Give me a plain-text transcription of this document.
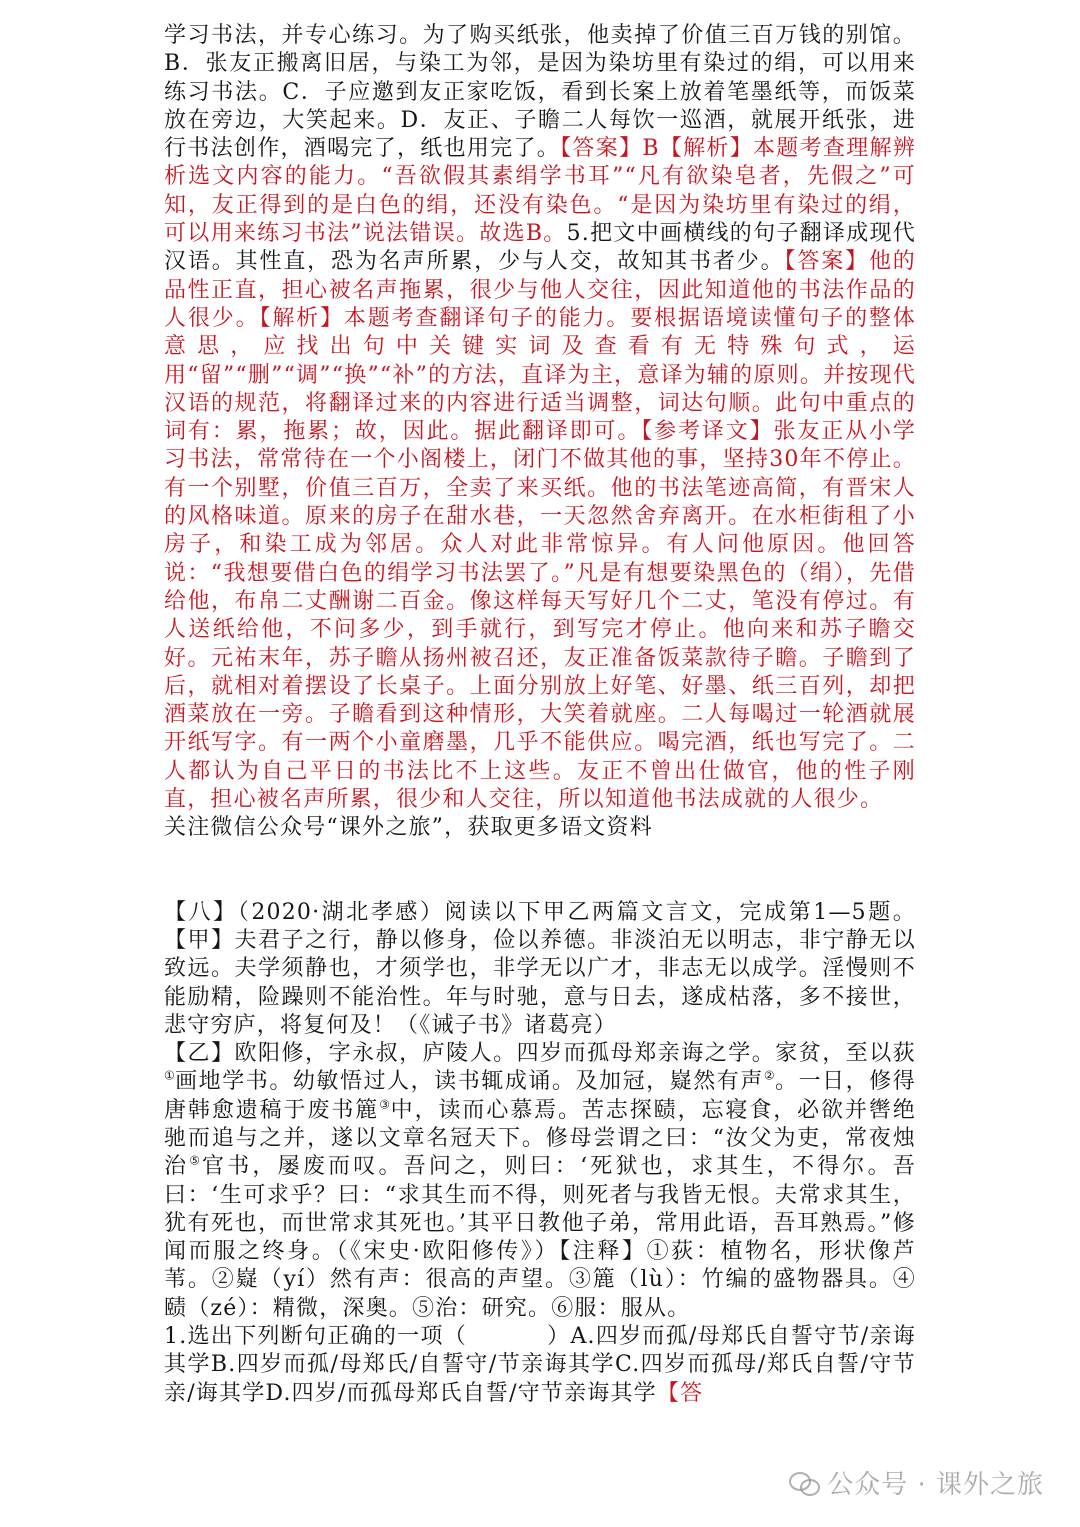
学习书法，并专心练习。为了购买纸张，他卖掉了价值三百万钱的别馆。B．张友正搬离旧居，与染工为邻，是因为染坊里有染过的绢，可以用来练习书法。C．子应邀到友正家吃饭，看到长案上放着笔墨纸等，而饭菜放在旁边，大笑起来。D．友正、子瞻二人每饮一巡酒，就展开纸张，进行书法创作，酒喝完了，纸也用完了。【答案】B【解析】本题考查理解辨析选文内容的能力。“吾欲假其素绢学书耳”“凡有欲染皂者，先假之”可知，友正得到的是白色的绢，还没有染色。“是因为染坊里有染过的绢，可以用来练习书法”说法错误。故选B。5.把文中画横线的句子翻译成现代汉语。其性直，恐为名声所累，少与人交，故知其书者少。【答案】他的品性正直，担心被名声拖累，很少与他人交往，因此知道他的书法作品的人很少。【解析】本题考查翻译句子的能力。要根据语境读懂句子的整体意思，应找出句中关键实词及查看有无特殊句式，运用“留”“删”“调”“换”“补”的方法，直译为主，意译为辅的原则。并按现代汉语的规范，将翻译过来的内容进行适当调整，词达句顺。此句中重点的词有：累，拖累；故，因此。据此翻译即可。【参考译文】张友正从小学习书法，常常待在一个小阁楼上，闭门不做其他的事，坚持30年不停止。有一个别墅，价值三百万，全卖了来买纸。他的书法笔迹高简，有晋宋人的风格味道。原来的房子在甜水巷，一天忽然舍弃离开。在水柜街租了小房子，和染工成为邻居。众人对此非常惊异。有人问他原因。他回答说：“我想要借白色的绢学习书法罢了。”凡是有想要染黑色的（绢），先借给他，布帛二丈酬谢二百金。像这样每天写好几个二丈，笔没有停过。有人送纸给他，不问多少，到手就行，到写完才停止。他向来和苏子瞻交好。元祐末年，苏子瞻从扬州被召还，友正准备饭菜款待子瞻。子瞻到了后，就相对着摆设了长桌子。上面分别放上好笔、好墨、纸三百列，却把酒菜放在一旁。子瞻看到这种情形，大笑着就座。二人每喝过一轮酒就展开纸写字。有一两个小童磨墨，几乎不能供应。喝完酒，纸也写完了。二人都认为自己平日的书法比不上这些。友正不曾出仕做官，他的性子刚直，担心被名声所累，很少和人交往，所以知道他书法成就的人很少。

关注微信公众号“课外之旅”，获取更多语文资料

【八】（2020·湖北孝感）阅读以下甲乙两篇文言文，完成第1—5题。【甲】夫君子之行，静以修身，俭以养德。非淡泊无以明志，非宁静无以致远。夫学须静也，才须学也，非学无以广才，非志无以成学。淫慢则不能励精，险躁则不能治性。年与时驰，意与日去，遂成枯落，多不接世，悲守穷庐，将复何及！（《诫子书》诸葛亮）

【乙】欧阳修，字永叔，庐陵人。四岁而孤母郑亲诲之学。家贫，至以荻①画地学书。幼敏悟过人，读书辄成诵。及加冠，嶷然有声②。一日，修得唐韩愈遗稿于废书簏③中，读而心慕焉。苦志探赜，忘寝食，必欲并辔绝驰而追与之并，遂以文章名冠天下。修母尝谓之曰：“汝父为吏，常夜烛治⑤官书，屡废而叹。吾问之，则曰：‘死狱也，求其生，不得尔。吾曰：‘生可求乎？曰：“求其生而不得，则死者与我皆无恨。夫常求其生，犹有死也，而世常求其死也。’其平日教他子弟，常用此语，吾耳熟焉。”修闻而服之终身。（《宋史·欧阳修传》）【注释】①荻：植物名，形状像芦苇。②嶷（yí）然有声：很高的声望。③簏（lù）：竹编的盛物器具。④赜（zé）：精微，深奥。⑤治：研究。⑥服：服从。

1.选出下列断句正确的一项（	）A.四岁而孤/母郑氏自誓守节/亲诲其学B.四岁而孤/母郑氏/自誓守/节亲诲其学C.四岁而孤母/郑氏自誓/守节亲/诲其学D.四岁/而孤母郑氏自誓/守节亲诲其学【答

公众号 · 课外之旅
